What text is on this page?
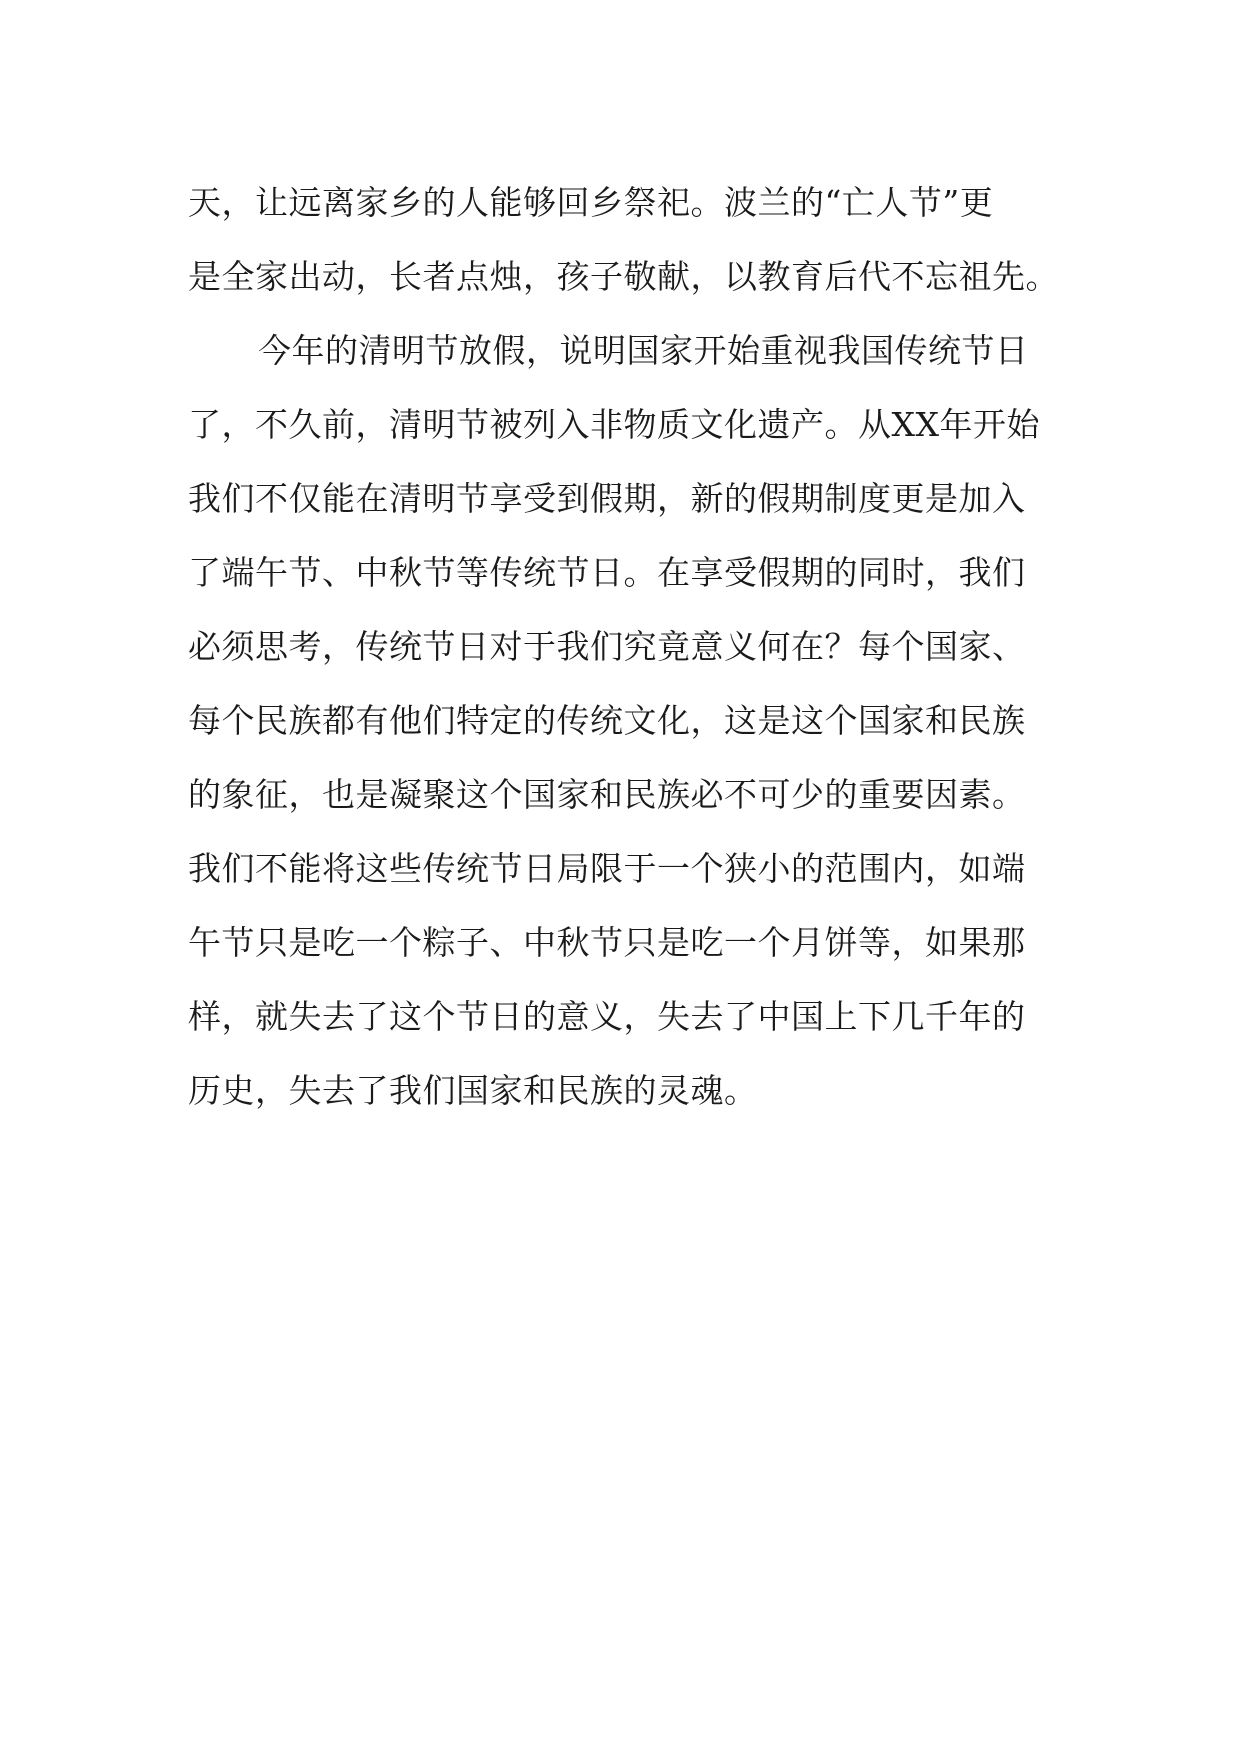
天，让远离家乡的人能够回乡祭祀。波兰的“亡人节”更
是全家出动，长者点烛，孩子敬献，以教育后代不忘祖先。
今年的清明节放假，说明国家开始重视我国传统节日
了，不久前，清明节被列入非物质文化遗产。从XX年开始
我们不仅能在清明节享受到假期，新的假期制度更是加入
了端午节、中秋节等传统节日。在享受假期的同时，我们
必须思考，传统节日对于我们究竟意义何在？每个国家、
每个民族都有他们特定的传统文化，这是这个国家和民族
的象征，也是凝聚这个国家和民族必不可少的重要因素。
我们不能将这些传统节日局限于一个狭小的范围内，如端
午节只是吃一个粽子、中秋节只是吃一个月饼等，如果那
样，就失去了这个节日的意义，失去了中国上下几千年的
历史，失去了我们国家和民族的灵魂。
